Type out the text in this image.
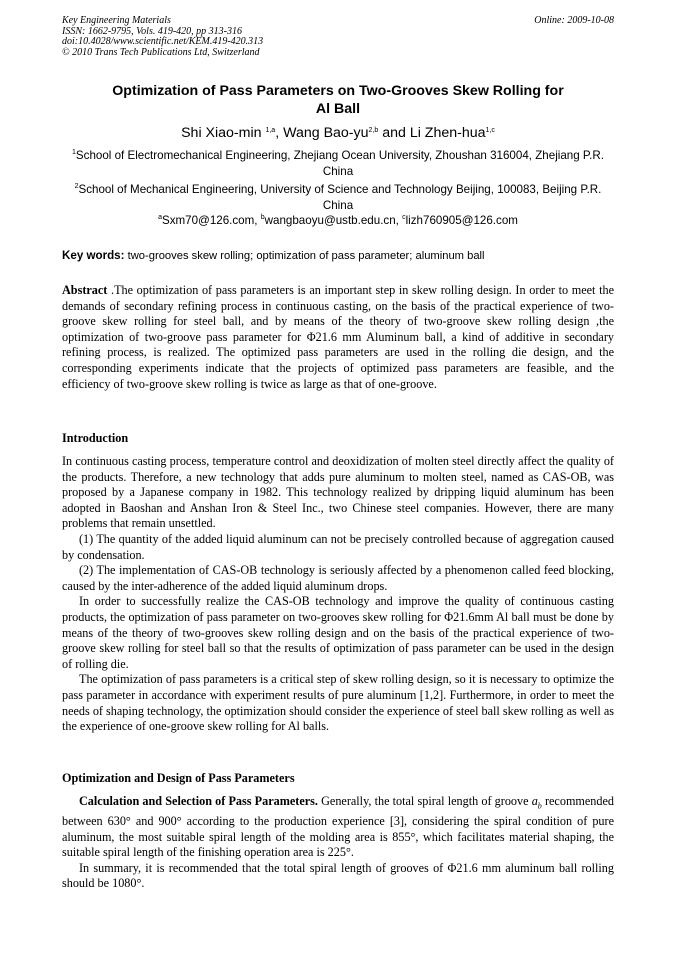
Key Engineering Materials
ISSN: 1662-9795, Vols. 419-420, pp 313-316
doi:10.4028/www.scientific.net/KEM.419-420.313
© 2010 Trans Tech Publications Ltd, Switzerland
Online: 2009-10-08
Optimization of Pass Parameters on Two-Grooves Skew Rolling for
Al Ball
Shi Xiao-min $^{1,a}$, Wang Bao-yu$^{2,b}$ and Li Zhen-hua$^{1,c}$
$^1$School of Electromechanical Engineering, Zhejiang Ocean University, Zhoushan 316004, Zhejiang P.R. China
$^2$School of Mechanical Engineering, University of Science and Technology Beijing, 100083, Beijing P.R. China
$^a$Sxm70@126.com, $^b$wangbaoyu@ustb.edu.cn, $^c$lizh760905@126.com
Key words: two-grooves skew rolling; optimization of pass parameter; aluminum ball
Abstract .The optimization of pass parameters is an important step in skew rolling design. In order to meet the demands of secondary refining process in continuous casting, on the basis of the practical experience of two-groove skew rolling for steel ball, and by means of the theory of two-groove skew rolling design ,the optimization of two-groove pass parameter for Φ21.6 mm Aluminum ball, a kind of additive in secondary refining process, is realized. The optimized pass parameters are used in the rolling die design, and the corresponding experiments indicate that the projects of optimized pass parameters are feasible, and the efficiency of two-groove skew rolling is twice as large as that of one-groove.
Introduction

In continuous casting process, temperature control and deoxidization of molten steel directly affect the quality of the products. Therefore, a new technology that adds pure aluminum to molten steel, named as CAS-OB, was proposed by a Japanese company in 1982. This technology realized by dripping liquid aluminum has been adopted in Baoshan and Anshan Iron & Steel Inc., two Chinese steel companies. However, there are many problems that remain unsettled.

(1) The quantity of the added liquid aluminum can not be precisely controlled because of aggregation caused by condensation.

(2) The implementation of CAS-OB technology is seriously affected by a phenomenon called feed blocking, caused by the inter-adherence of the added liquid aluminum drops.

In order to successfully realize the CAS-OB technology and improve the quality of continuous casting products, the optimization of pass parameter on two-grooves skew rolling for Φ21.6mm Al ball must be done by means of the theory of two-grooves skew rolling design and on the basis of the practical experience of two-groove skew rolling for steel ball so that the results of optimization of pass parameter can be used in the design of rolling die.

The optimization of pass parameters is a critical step of skew rolling design, so it is necessary to optimize the pass parameter in accordance with experiment results of pure aluminum [1,2]. Furthermore, in order to meet the needs of shaping technology, the optimization should consider the experience of steel ball skew rolling as well as the experience of one-groove skew rolling for Al balls.

Optimization and Design of Pass Parameters

Calculation and Selection of Pass Parameters. Generally, the total spiral length of groove $a_b$ recommended between 630° and 900° according to the production experience [3], considering the spiral condition of pure aluminum, the most suitable spiral length of the molding area is 855°, which facilitates material shaping, the suitable spiral length of the finishing operation area is 225°.

In summary, it is recommended that the total spiral length of grooves of Φ21.6 mm aluminum ball rolling should be 1080°.
